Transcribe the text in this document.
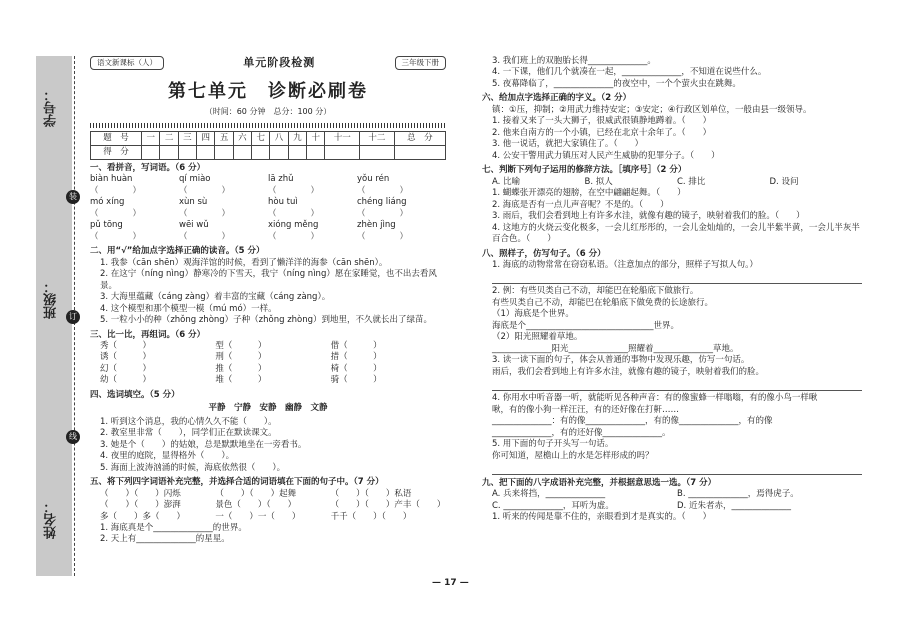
学号：
班级：
姓名：
装
订
线
语文新课标（人）	单元阶段检测	三年级下册
第七单元　诊断必刷卷
（时间：60 分钟　总分：100 分）
题　号	一	二	三	四	五	六	七	八	九	十	十一	十二	总　分
得　分													
一、看拼音，写词语。（6 分）
biàn huàn	qí miào	lā zhǔ	yǒu rén
（　　　　）	（　　　　）	（　　　　）	（　　　　）
mó xíng	xùn sù	hòu tuì	chéng liáng
（　　　　）	（　　　　）	（　　　　）	（　　　　）
pǔ tōng	wēi wǔ	xióng měng	zhèn jìng
（　　　　）	（　　　　）	（　　　　）	（　　　　）
二、用“√”给加点字选择正确的读音。（5 分）
1. 我参（cān shēn）观海洋馆的时候，看到了懒洋洋的海参（cān shēn）。
2. 在这宁（níng nìng）静寒冷的下雪天，我宁（níng nìng）愿在家睡觉，也不出去看风景。
3. 大海里蕴藏（cáng zàng）着丰富的宝藏（cáng zàng）。
4. 这个模型和那个模型一模（mú mó）一样。
5. 一粒小小的种（zhǒng zhòng）子种（zhǒng zhòng）到地里，不久就长出了绿苗。
三、比一比，再组词。（6 分）
秀（　　　）	型（　　　）	借（　　　）
诱（　　　）	刑（　　　）	措（　　　）
幻（　　　）	推（　　　）	椅（　　　）
幼（　　　）	堆（　　　）	骑（　　　）
四、选词填空。（5 分）
平静　宁静　安静　幽静　文静
1. 听到这个消息，我的心情久久不能（　　）。
2. 教室里非常（　　），同学们正在默读课文。
3. 她是个（　　）的姑娘，总是默默地坐在一旁看书。
4. 夜里的庭院，显得格外（　　）。
5. 海面上波涛汹涌的时候，海底依然很（　　）。
五、将下列四字词语补充完整，并选择合适的词语填在下面的句子中。（7 分）
（　　）（　　）闪烁	（　　）（　　）起舞	（　　）（　　）私语
（　　）（　　）澎湃	景色（　　）（　　）	（　　）（　　）产丰（　　）
多（　　）多（　　）	一（　　）一（　　）	千千（　　）（　　）
1. 海底真是个______________的世界。
2. 天上有______________的星星。
3. 我们班上的双胞胎长得______________。
4. 一下课，他们几个就凑在一起，______________，不知道在说些什么。
5. 夜幕降临了，______________的夜空中，一个个萤火虫在跳舞。
六、给加点字选择正确的字义。（2 分）
镇：①压，抑制；②用武力维持安定；③安定；④行政区划单位，一般由县一级领导。
1. 接着又来了一头大狮子，很威武很镇静地蹲着。（　　）
2. 他来自南方的一个小镇，已经在北京十余年了。（　　）
3. 他一说话，就把大家镇住了。（　　）
4. 公安干警用武力镇压对人民产生威胁的犯罪分子。（　　）
七、判断下列句子运用的修辞方法。［填序号］（2 分）
A. 比喻	B. 拟人	C. 排比	D. 设问
1. 蝴蝶张开漂亮的翅膀，在空中翩翩起舞。（　　）
2. 海底是否有一点儿声音呢？不是的。（　　）
3. 雨后，我们会看到地上有许多水洼，就像有趣的镜子，映射着我们的脸。（　　）
4. 这地方的火烧云变化极多，一会儿红彤彤的，一会儿金灿灿的，一会儿半紫半黄，一会儿半灰半百合色。（　　）
八、照样子，仿写句子。（6 分）
1. 海底的动物常常在窃窃私语。（注意加点的部分，照样子写拟人句。）
2. 例：有些贝类自己不动，却能巴在轮船底下做旅行。
有些贝类自己不动，却能巴在轮船底下做免费的长途旅行。
（1）海底是个世界。
海底是个______________________________世界。
（2）阳光照耀着草地。
______________阳光______________照耀着______________草地。
3. 读一读下面的句子，体会从普通的事物中发现乐趣，仿写一句话。
雨后，我们会看到地上有许多水洼，就像有趣的镜子，映射着我们的脸。
4. 你用水中听音器一听，就能听见各种声音：有的像蜜蜂一样嗡嗡，有的像小鸟一样啾
啾，有的像小狗一样汪汪，有的还好像在打鼾……
______________：有的像______________，有的像______________，有的像
______________，有的还好像______________。
5. 用下面的句子开头写一句话。
你可知道，屋檐山上的水是怎样形成的吗？
九、把下面的八字成语补充完整，并根据意思选一选。（7 分）
A. 兵来将挡，______________	B. ______________，焉得虎子。
C. ______________，耳听为虚。	D. 近朱者赤，______________
1. 听来的传闻是靠不住的，亲眼看到才是真实的。（　　）
— 17 —
